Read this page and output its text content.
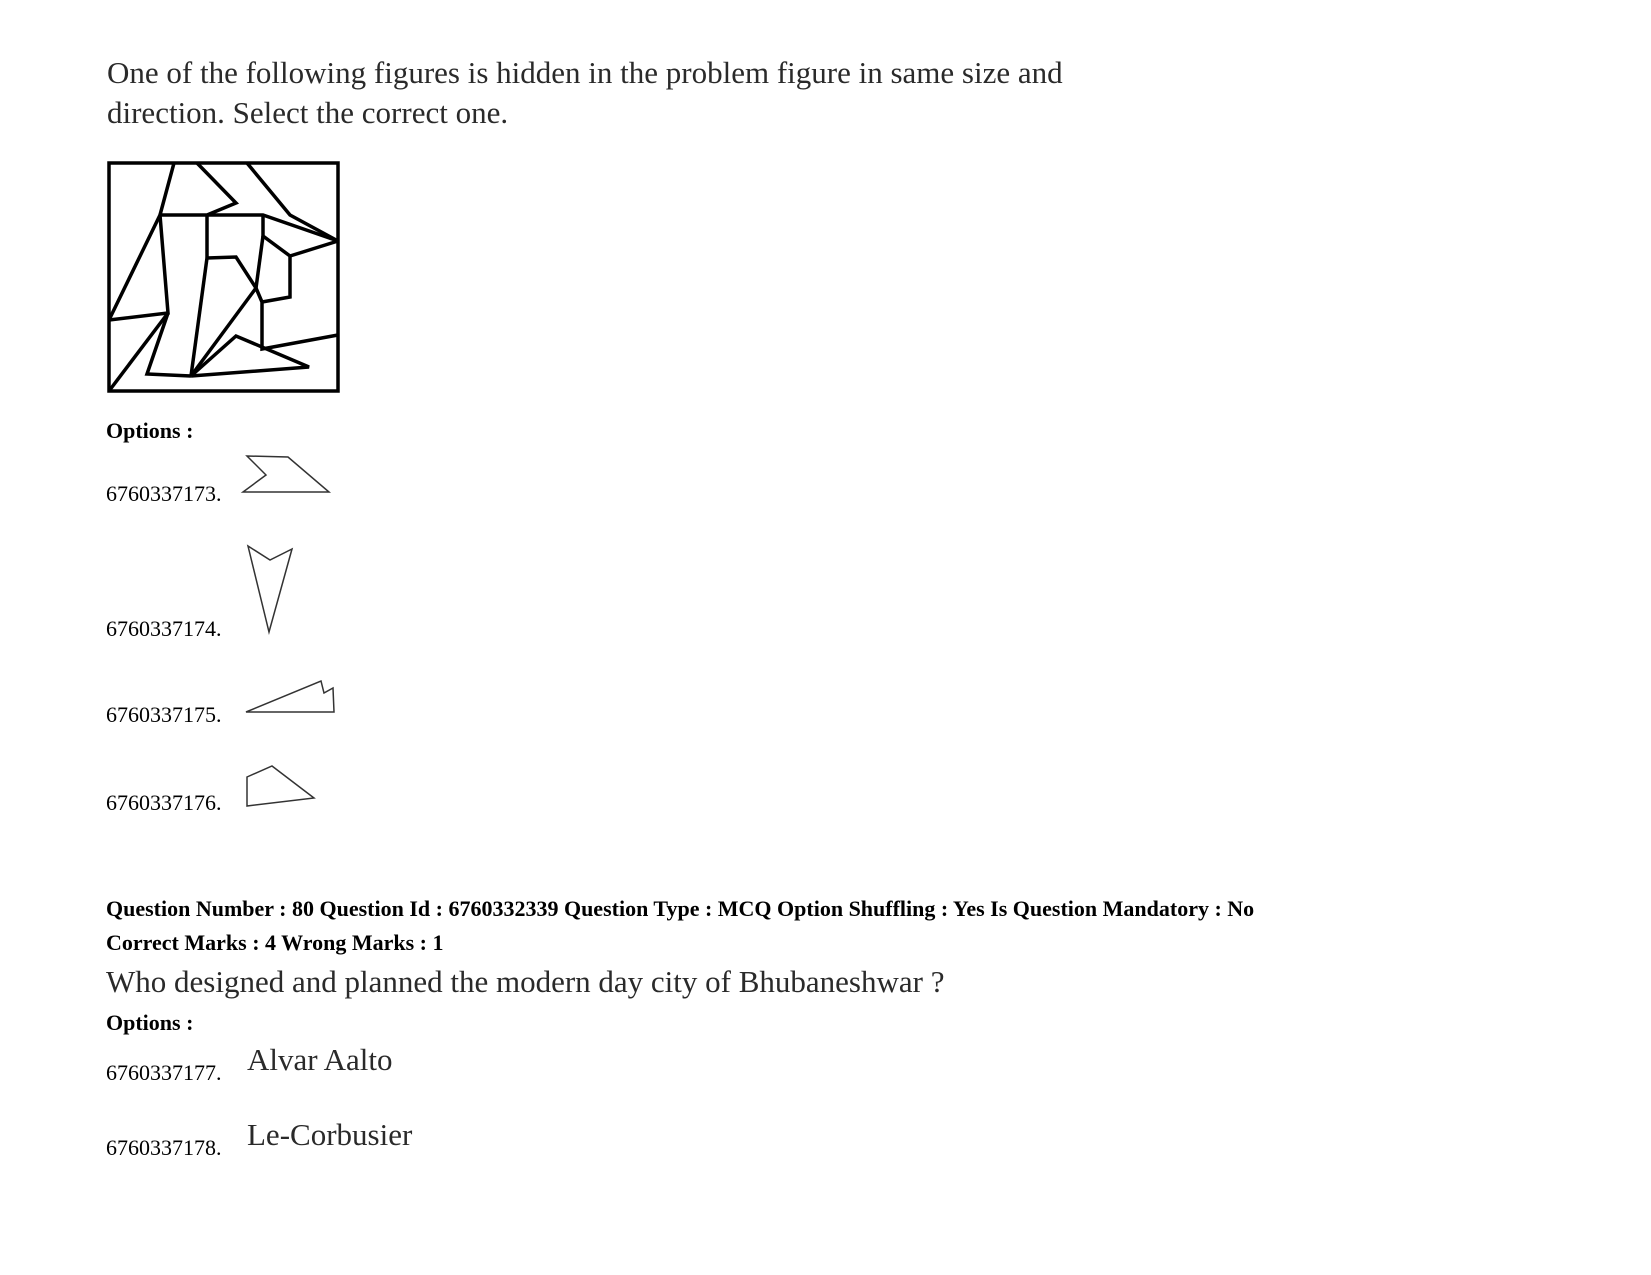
One of the following figures is hidden in the problem figure in same size and
direction. Select the correct one.
Options :
6760337173.
6760337174.
6760337175.
6760337176.
Question Number : 80 Question Id : 6760332339 Question Type : MCQ Option Shuffling : Yes Is Question Mandatory : No
Correct Marks : 4 Wrong Marks : 1
Who designed and planned the modern day city of Bhubaneshwar ?
Options :
6760337177. Alvar Aalto
6760337178. Le-Corbusier
